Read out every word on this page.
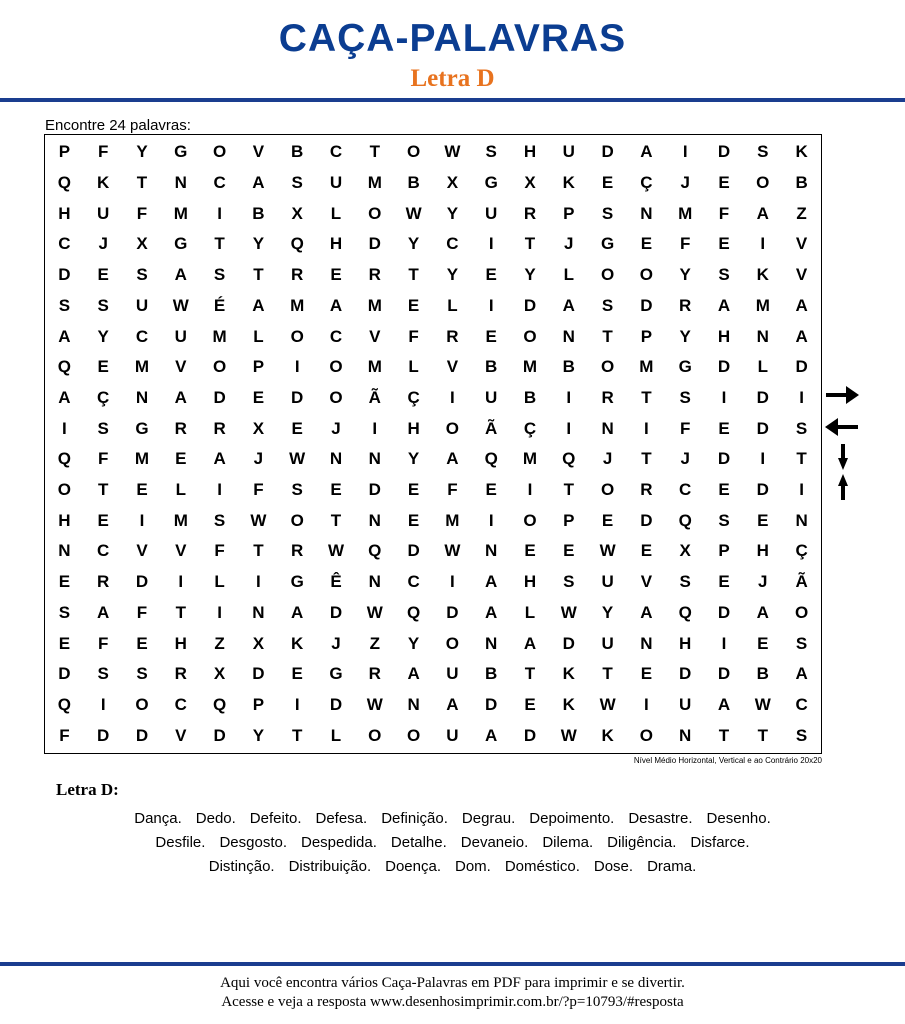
CAÇA-PALAVRAS
Letra D
Encontre 24 palavras:
P	F	Y	G	O	V	B	C	T	O	W	S	H	U	D	A	I	D	S	K
Q	K	T	N	C	A	S	U	M	B	X	G	X	K	E	Ç	J	E	O	B
H	U	F	M	I	B	X	L	O	W	Y	U	R	P	S	N	M	F	A	Z
C	J	X	G	T	Y	Q	H	D	Y	C	I	T	J	G	E	F	E	I	V
D	E	S	A	S	T	R	E	R	T	Y	E	Y	L	O	O	Y	S	K	V
S	S	U	W	É	A	M	A	M	E	L	I	D	A	S	D	R	A	M	A
A	Y	C	U	M	L	O	C	V	F	R	E	O	N	T	P	Y	H	N	A
Q	E	M	V	O	P	I	O	M	L	V	B	M	B	O	M	G	D	L	D
A	Ç	N	A	D	E	D	O	Ã	Ç	I	U	B	I	R	T	S	I	D	I
I	S	G	R	R	X	E	J	I	H	O	Ã	Ç	I	N	I	F	E	D	S
Q	F	M	E	A	J	W	N	N	Y	A	Q	M	Q	J	T	J	D	I	T
O	T	E	L	I	F	S	E	D	E	F	E	I	T	O	R	C	E	D	I
H	E	I	M	S	W	O	T	N	E	M	I	O	P	E	D	Q	S	E	N
N	C	V	V	F	T	R	W	Q	D	W	N	E	E	W	E	X	P	H	Ç
E	R	D	I	L	I	G	Ê	N	C	I	A	H	S	U	V	S	E	J	Ã
S	A	F	T	I	N	A	D	W	Q	D	A	L	W	Y	A	Q	D	A	O
E	F	E	H	Z	X	K	J	Z	Y	O	N	A	D	U	N	H	I	E	S
D	S	S	R	X	D	E	G	R	A	U	B	T	K	T	E	D	D	B	A
Q	I	O	C	Q	P	I	D	W	N	A	D	E	K	W	I	U	A	W	C
F	D	D	V	D	Y	T	L	O	O	U	A	D	W	K	O	N	T	T	S
Nível Médio Horizontal, Vertical e ao Contrário 20x20
Letra D:
Dança. Dedo. Defeito. Defesa. Definição. Degrau. Depoimento. Desastre. Desenho.
Desfile. Desgosto. Despedida. Detalhe. Devaneio. Dilema. Diligência. Disfarce.
Distinção. Distribuição. Doença. Dom. Doméstico. Dose. Drama.
Aqui você encontra vários Caça-Palavras em PDF para imprimir e se divertir.
Acesse e veja a resposta www.desenhosimprimir.com.br/?p=10793/#resposta
